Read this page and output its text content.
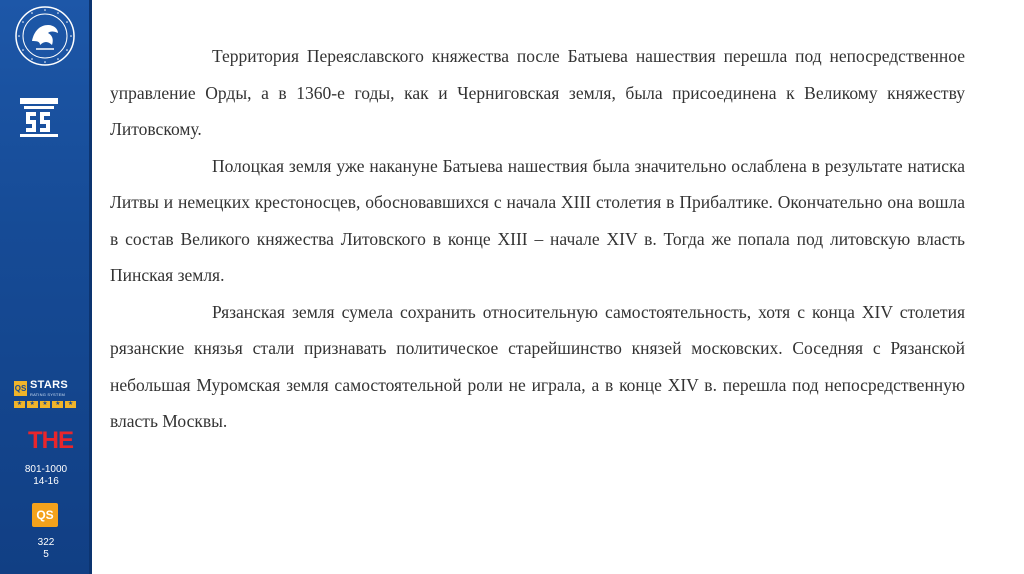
QS STARS
RATING SYSTEM
★	★	★	★	★
THE
801-1000
14-16
QS
322
5

Территория Переяславского княжества после Батыева нашествия перешла под непосредственное управление Орды, а в 1360-е годы, как и Черниговская земля, была присоединена к Великому княжеству Литовскому.

Полоцкая земля уже накануне Батыева нашествия была значительно ослаблена в результате натиска Литвы и немецких крестоносцев, обосновавшихся с начала XIII столетия в Прибалтике. Окончательно она вошла в состав Великого княжества Литовского в конце XIII – начале XIV в. Тогда же попала под литовскую власть Пинская земля.

Рязанская земля сумела сохранить относительную самостоятельность, хотя с конца XIV столетия рязанские князья стали признавать политическое старейшинство князей московских. Соседняя с Рязанской небольшая Муромская земля самостоятельной роли не играла, а в конце XIV в. перешла под непосредственную власть Москвы.
